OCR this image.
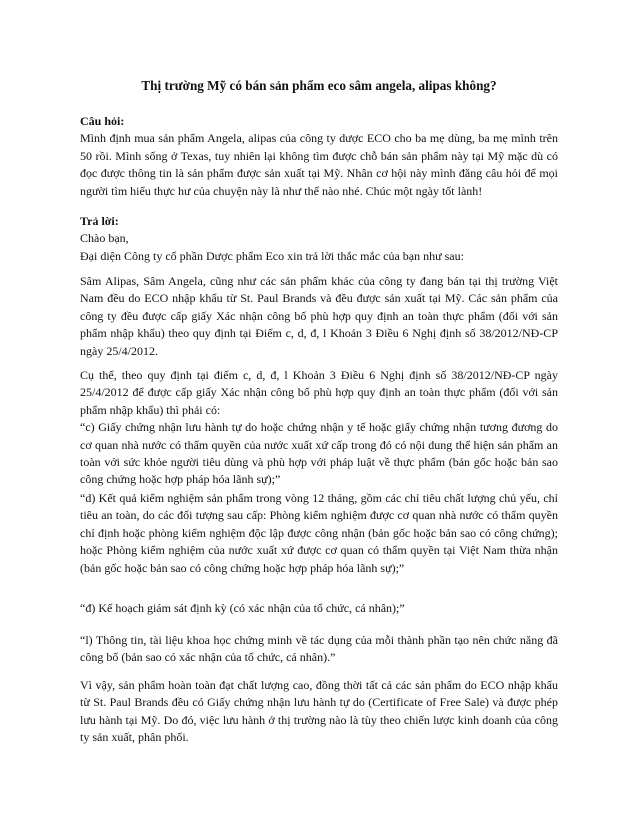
Thị trường Mỹ có bán sản phẩm eco sâm angela, alipas không?
Câu hỏi:
Mình định mua sản phẩm Angela, alipas của công ty dược ECO cho ba mẹ dùng, ba mẹ mình trên 50 rồi. Mình sống ở Texas, tuy nhiên lại không tìm được chỗ bán sản phẩm này tại Mỹ mặc dù có đọc được thông tin là sản phẩm được sản xuất tại Mỹ. Nhân cơ hội này mình đăng câu hỏi để mọi người tìm hiểu thực hư của chuyện này là như thế nào nhé. Chúc một ngày tốt lành!
Trả lời:
Chào bạn,
Đại diện Công ty cổ phần Dược phẩm Eco xin trả lời thắc mắc của bạn như sau:

Sâm Alipas, Sâm Angela, cũng như các sản phẩm khác của công ty đang bán tại thị trường Việt Nam đều do ECO nhập khẩu từ St. Paul Brands và đều được sản xuất tại Mỹ. Các sản phẩm của công ty đều được cấp giấy Xác nhận công bố phù hợp quy định an toàn thực phẩm (đối với sản phẩm nhập khẩu) theo quy định tại Điểm c, d, đ, l Khoản 3 Điều 6 Nghị định số 38/2012/NĐ-CP ngày 25/4/2012.

Cụ thể, theo quy định tại điểm c, d, đ, l Khoản 3 Điều 6 Nghị định số 38/2012/NĐ-CP ngày 25/4/2012 để được cấp giấy Xác nhận công bố phù hợp quy định an toàn thực phẩm (đối với sản phẩm nhập khẩu) thì phải có:
“c) Giấy chứng nhận lưu hành tự do hoặc chứng nhận y tế hoặc giấy chứng nhận tương đương do cơ quan nhà nước có thẩm quyền của nước xuất xứ cấp trong đó có nội dung thể hiện sản phẩm an toàn với sức khỏe người tiêu dùng và phù hợp với pháp luật về thực phẩm (bản gốc hoặc bản sao công chứng hoặc hợp pháp hóa lãnh sự);”

“d) Kết quả kiểm nghiệm sản phẩm trong vòng 12 tháng, gồm các chỉ tiêu chất lượng chủ yếu, chỉ tiêu an toàn, do các đối tượng sau cấp: Phòng kiểm nghiệm được cơ quan nhà nước có thẩm quyền chỉ định hoặc phòng kiểm nghiệm độc lập được công nhận (bản gốc hoặc bản sao có công chứng); hoặc Phòng kiểm nghiệm của nước xuất xứ được cơ quan có thẩm quyền tại Việt Nam thừa nhận (bản gốc hoặc bản sao có công chứng hoặc hợp pháp hóa lãnh sự);”

“đ) Kế hoạch giám sát định kỳ (có xác nhận của tổ chức, cá nhân);”

“l) Thông tin, tài liệu khoa học chứng minh về tác dụng của mỗi thành phần tạo nên chức năng đã công bố (bản sao có xác nhận của tổ chức, cá nhân).”

Vì vậy, sản phẩm hoàn toàn đạt chất lượng cao, đồng thời tất cả các sản phẩm do ECO nhập khẩu từ St. Paul Brands đều có Giấy chứng nhận lưu hành tự do (Certificate of Free Sale) và được phép lưu hành tại Mỹ. Do đó, việc lưu hành ở thị trường nào là tùy theo chiến lược kinh doanh của công ty sản xuất, phân phối.
